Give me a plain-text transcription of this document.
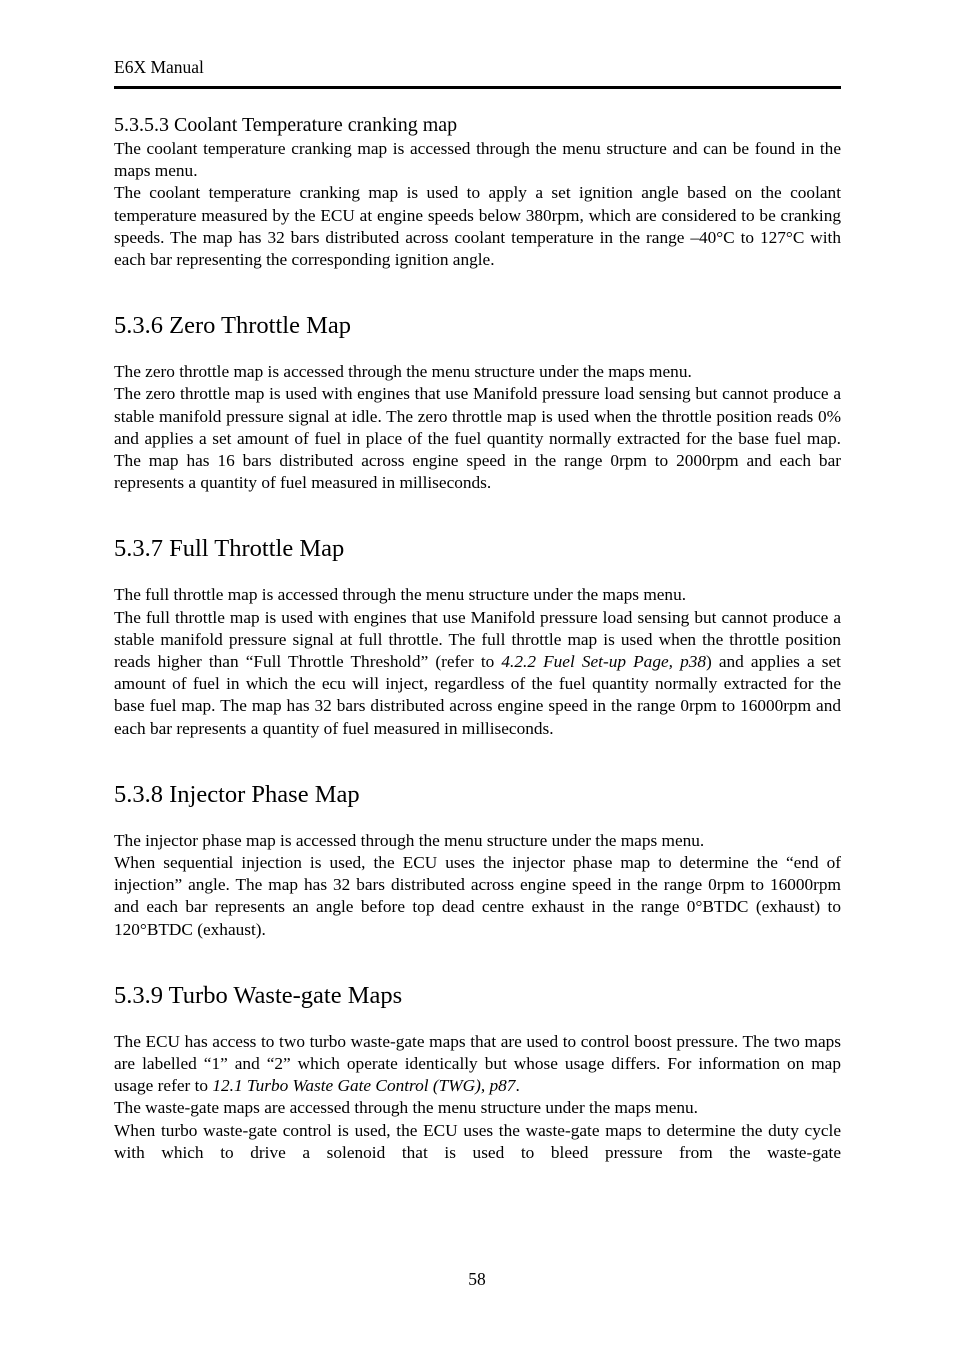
E6X Manual
5.3.5.3 Coolant Temperature cranking map

The coolant temperature cranking map is accessed through the menu structure and can be found in the maps menu.

The coolant temperature cranking map is used to apply a set ignition angle based on the coolant temperature measured by the ECU at engine speeds below 380rpm, which are considered to be cranking speeds. The map has 32 bars distributed across coolant temperature in the range –40°C to 127°C with each bar representing the corresponding ignition angle.

5.3.6 Zero Throttle Map

The zero throttle map is accessed through the menu structure under the maps menu.

The zero throttle map is used with engines that use Manifold pressure load sensing but cannot produce a stable manifold pressure signal at idle. The zero throttle map is used when the throttle position reads 0% and applies a set amount of fuel in place of the fuel quantity normally extracted for the base fuel map. The map has 16 bars distributed across engine speed in the range 0rpm to 2000rpm and each bar represents a quantity of fuel measured in milliseconds.

5.3.7 Full Throttle Map

The full throttle map is accessed through the menu structure under the maps menu.

The full throttle map is used with engines that use Manifold pressure load sensing but cannot produce a stable manifold pressure signal at full throttle. The full throttle map is used when the throttle position reads higher than “Full Throttle Threshold” (refer to 4.2.2 Fuel Set-up Page, p38) and applies a set amount of fuel in which the ecu will inject, regardless of the fuel quantity normally extracted for the base fuel map. The map has 32 bars distributed across engine speed in the range 0rpm to 16000rpm and each bar represents a quantity of fuel measured in milliseconds.

5.3.8 Injector Phase Map

The injector phase map is accessed through the menu structure under the maps menu.

When sequential injection is used, the ECU uses the injector phase map to determine the “end of injection” angle. The map has 32 bars distributed across engine speed in the range 0rpm to 16000rpm and each bar represents an angle before top dead centre exhaust in the range 0°BTDC (exhaust) to 120°BTDC (exhaust).

5.3.9 Turbo Waste-gate Maps

The ECU has access to two turbo waste-gate maps that are used to control boost pressure. The two maps are labelled “1” and “2” which operate identically but whose usage differs. For information on map usage refer to 12.1 Turbo Waste Gate Control (TWG), p87.

The waste-gate maps are accessed through the menu structure under the maps menu.

When turbo waste-gate control is used, the ECU uses the waste-gate maps to determine the duty cycle with which to drive a solenoid that is used to bleed pressure from the waste-gate

58
